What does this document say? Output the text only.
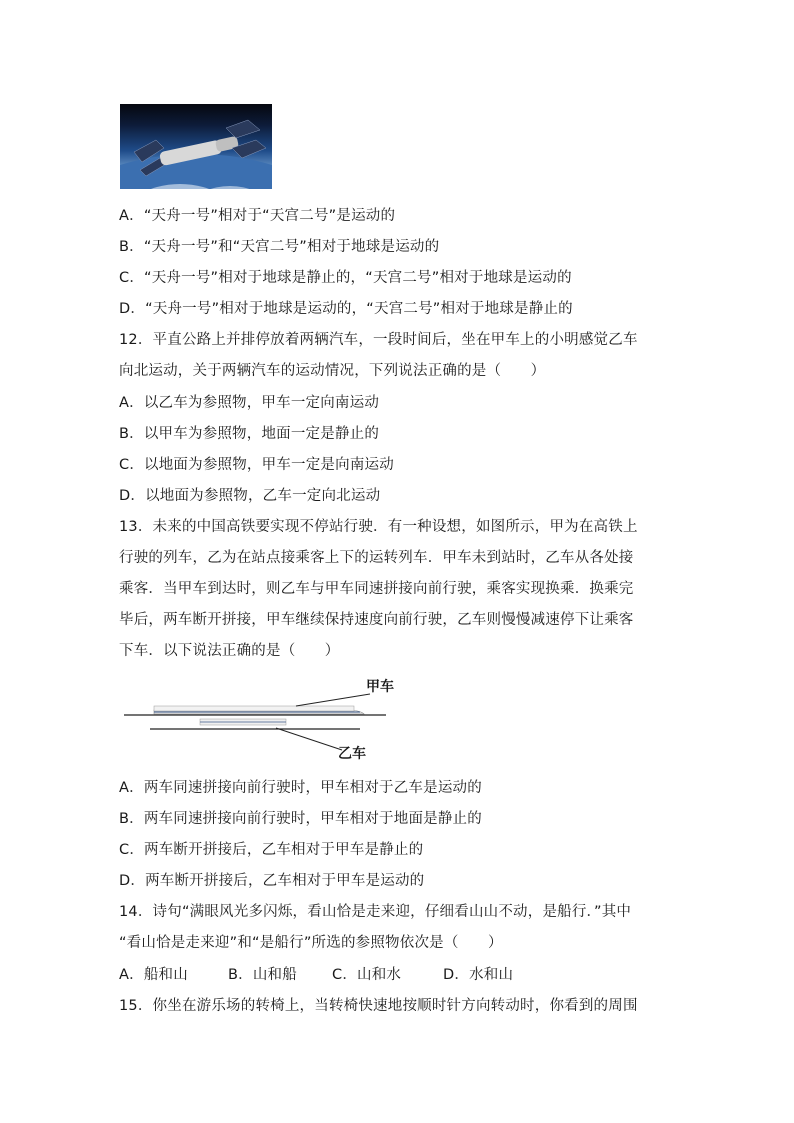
A．“天舟一号”相对于“天宫二号”是运动的
B．“天舟一号”和“天宫二号”相对于地球是运动的
C．“天舟一号”相对于地球是静止的，“天宫二号”相对于地球是运动的
D．“天舟一号”相对于地球是运动的，“天宫二号”相对于地球是静止的
12．平直公路上并排停放着两辆汽车，一段时间后，坐在甲车上的小明感觉乙车
向北运动，关于两辆汽车的运动情况，下列说法正确的是（　　）
A．以乙车为参照物，甲车一定向南运动
B．以甲车为参照物，地面一定是静止的
C．以地面为参照物，甲车一定是向南运动
D．以地面为参照物，乙车一定向北运动
13．未来的中国高铁要实现不停站行驶．有一种设想，如图所示，甲为在高铁上
行驶的列车，乙为在站点接乘客上下的运转列车．甲车未到站时，乙车从各处接
乘客．当甲车到达时，则乙车与甲车同速拼接向前行驶，乘客实现换乘．换乘完
毕后，两车断开拼接，甲车继续保持速度向前行驶，乙车则慢慢减速停下让乘客
下车．以下说法正确的是（　　）
甲车
乙车
A．两车同速拼接向前行驶时，甲车相对于乙车是运动的
B．两车同速拼接向前行驶时，甲车相对于地面是静止的
C．两车断开拼接后，乙车相对于甲车是静止的
D．两车断开拼接后，乙车相对于甲车是运动的
14．诗句“满眼风光多闪烁，看山恰是走来迎，仔细看山山不动，是船行．”其中
“看山恰是走来迎”和“是船行”所选的参照物依次是（　　）
A．船和山	B．山和船 C．山和水	D．水和山
15．你坐在游乐场的转椅上，当转椅快速地按顺时针方向转动时，你看到的周围
